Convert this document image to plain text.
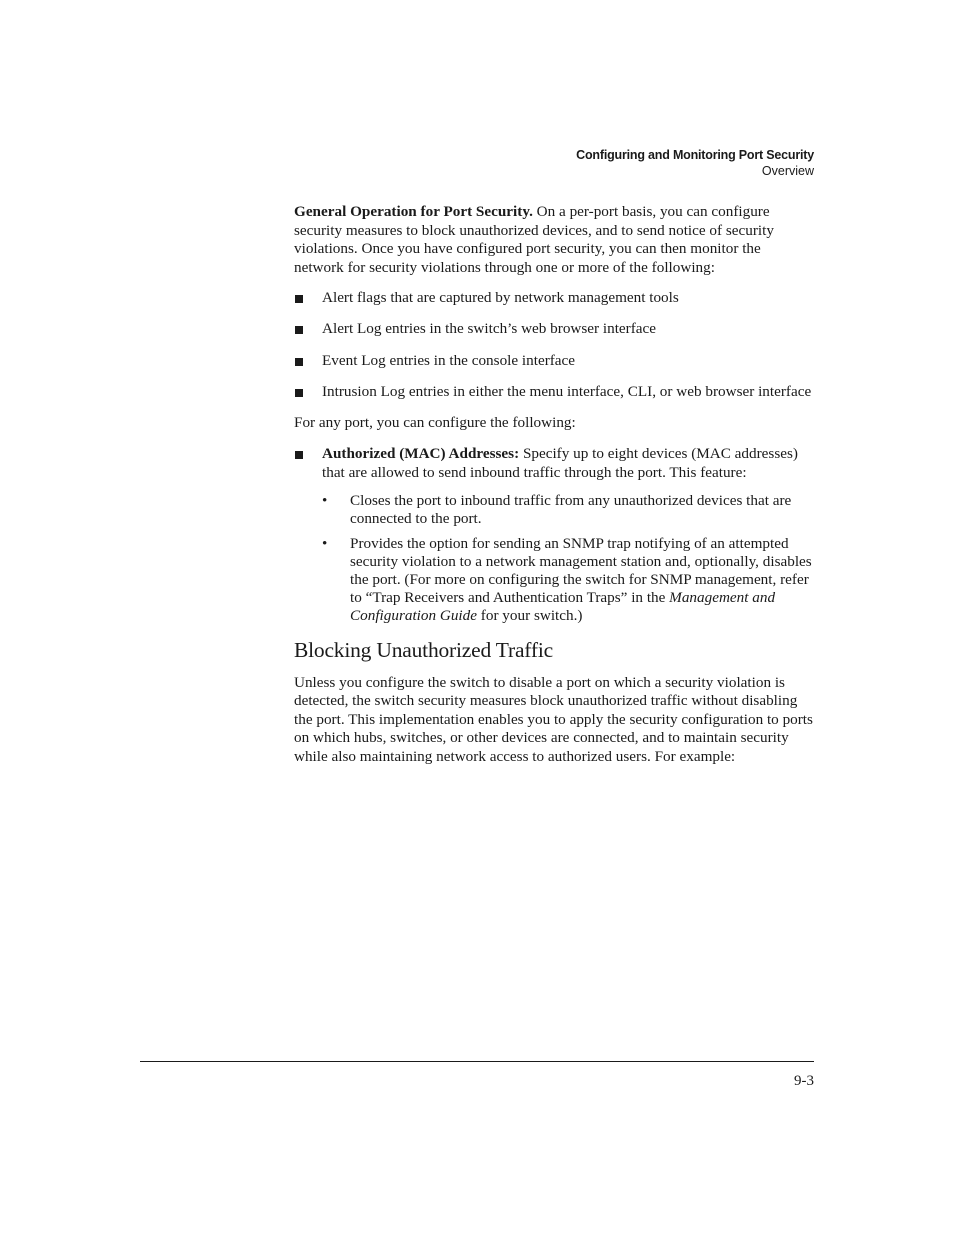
Configuring and Monitoring Port Security
Overview

General Operation for Port Security. On a per-port basis, you can configure security measures to block unauthorized devices, and to send notice of security violations. Once you have configured port security, you can then monitor the network for security violations through one or more of the following:

Alert flags that are captured by network management tools
Alert Log entries in the switch’s web browser interface
Event Log entries in the console interface
Intrusion Log entries in either the menu interface, CLI, or web browser interface

For any port, you can configure the following:

Authorized (MAC) Addresses: Specify up to eight devices (MAC addresses) that are allowed to send inbound traffic through the port. This feature:
• Closes the port to inbound traffic from any unauthorized devices that are connected to the port.
• Provides the option for sending an SNMP trap notifying of an attempted security violation to a network management station and, optionally, disables the port. (For more on configuring the switch for SNMP management, refer to “Trap Receivers and Authentication Traps” in the Management and Configuration Guide for your switch.)
Blocking Unauthorized Traffic

Unless you configure the switch to disable a port on which a security violation is detected, the switch security measures block unauthorized traffic without disabling the port. This implementation enables you to apply the security configuration to ports on which hubs, switches, or other devices are connected, and to maintain security while also maintaining network access to authorized users. For example:

9-3
